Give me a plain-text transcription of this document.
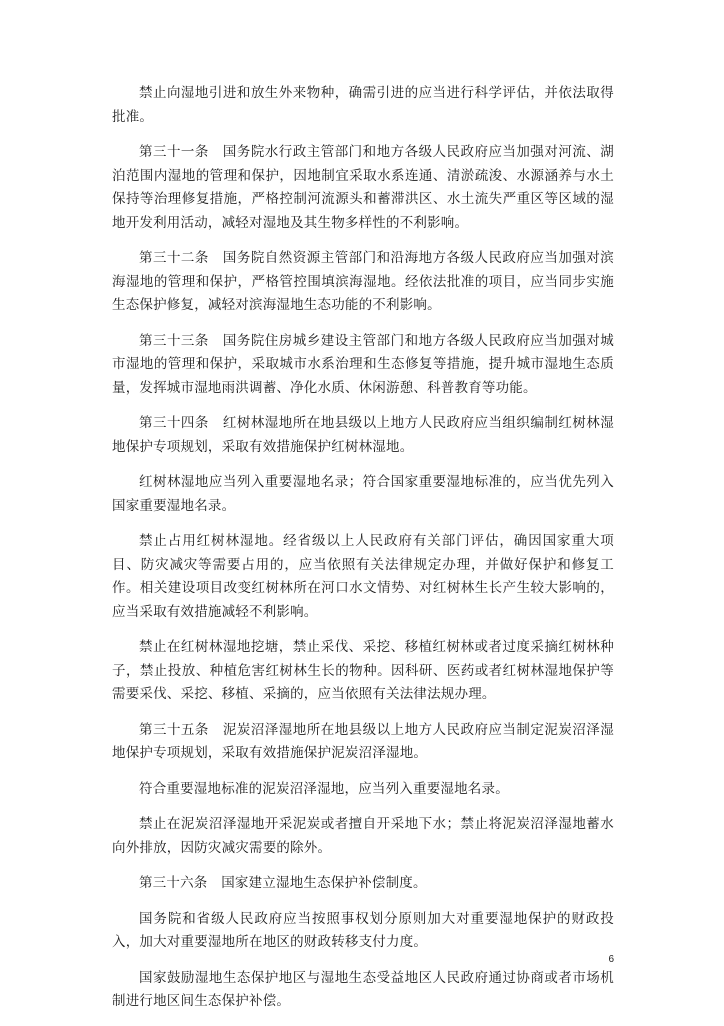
禁止向湿地引进和放生外来物种，确需引进的应当进行科学评估，并依法取得批准。

第三十一条　国务院水行政主管部门和地方各级人民政府应当加强对河流、湖泊范围内湿地的管理和保护，因地制宜采取水系连通、清淤疏浚、水源涵养与水土保持等治理修复措施，严格控制河流源头和蓄滞洪区、水土流失严重区等区域的湿地开发利用活动，减轻对湿地及其生物多样性的不利影响。

第三十二条　国务院自然资源主管部门和沿海地方各级人民政府应当加强对滨海湿地的管理和保护，严格管控围填滨海湿地。经依法批准的项目，应当同步实施生态保护修复，减轻对滨海湿地生态功能的不利影响。

第三十三条　国务院住房城乡建设主管部门和地方各级人民政府应当加强对城市湿地的管理和保护，采取城市水系治理和生态修复等措施，提升城市湿地生态质量，发挥城市湿地雨洪调蓄、净化水质、休闲游憩、科普教育等功能。

第三十四条　红树林湿地所在地县级以上地方人民政府应当组织编制红树林湿地保护专项规划，采取有效措施保护红树林湿地。

红树林湿地应当列入重要湿地名录；符合国家重要湿地标准的，应当优先列入国家重要湿地名录。

禁止占用红树林湿地。经省级以上人民政府有关部门评估，确因国家重大项目、防灾减灾等需要占用的，应当依照有关法律规定办理，并做好保护和修复工作。相关建设项目改变红树林所在河口水文情势、对红树林生长产生较大影响的，应当采取有效措施减轻不利影响。

禁止在红树林湿地挖塘，禁止采伐、采挖、移植红树林或者过度采摘红树林种子，禁止投放、种植危害红树林生长的物种。因科研、医药或者红树林湿地保护等需要采伐、采挖、移植、采摘的，应当依照有关法律法规办理。

第三十五条　泥炭沼泽湿地所在地县级以上地方人民政府应当制定泥炭沼泽湿地保护专项规划，采取有效措施保护泥炭沼泽湿地。

符合重要湿地标准的泥炭沼泽湿地，应当列入重要湿地名录。

禁止在泥炭沼泽湿地开采泥炭或者擅自开采地下水；禁止将泥炭沼泽湿地蓄水向外排放，因防灾减灾需要的除外。

第三十六条　国家建立湿地生态保护补偿制度。

国务院和省级人民政府应当按照事权划分原则加大对重要湿地保护的财政投入，加大对重要湿地所在地区的财政转移支付力度。

国家鼓励湿地生态保护地区与湿地生态受益地区人民政府通过协商或者市场机制进行地区间生态保护补偿。

6
